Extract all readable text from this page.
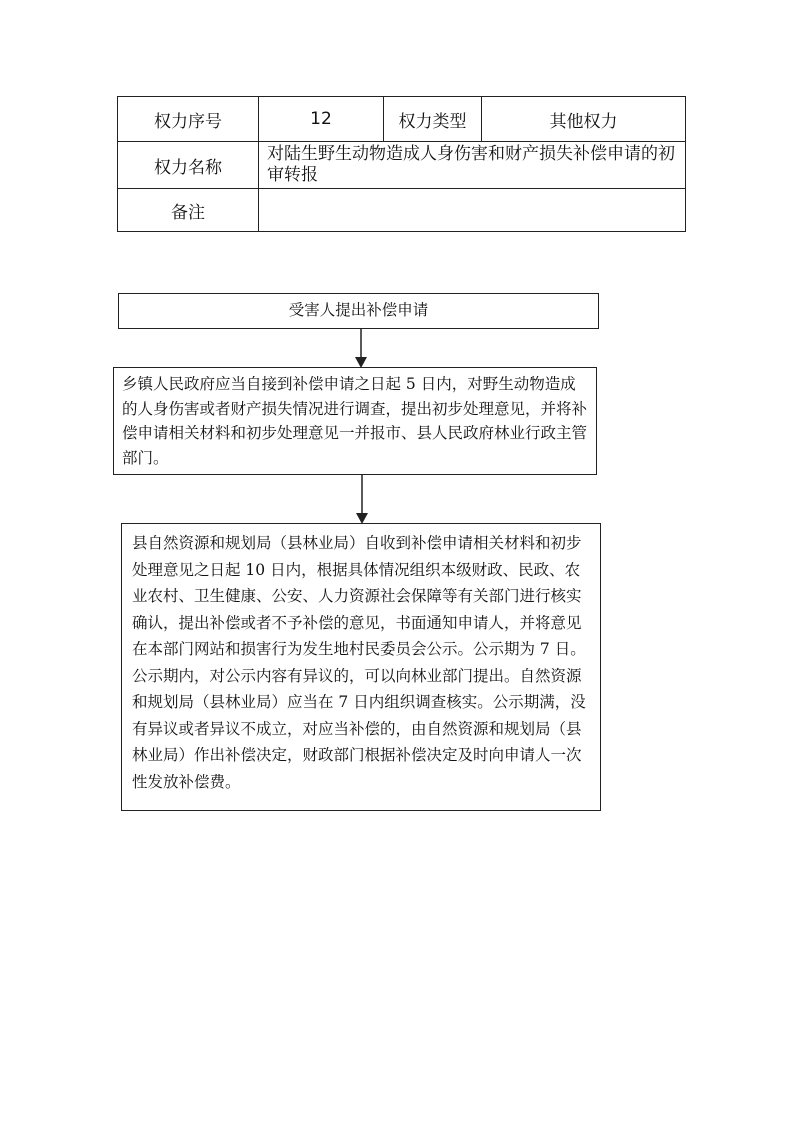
权力序号	12	权力类型	其他权力
权力名称	对陆生野生动物造成人身伤害和财产损失补偿申请的初审转报		
备注			
受害人提出补偿申请
乡镇人民政府应当自接到补偿申请之日起 5 日内，对野生动物造成的人身伤害或者财产损失情况进行调查，提出初步处理意见，并将补偿申请相关材料和初步处理意见一并报市、县人民政府林业行政主管部门。
县自然资源和规划局（县林业局）自收到补偿申请相关材料和初步处理意见之日起 10 日内，根据具体情况组织本级财政、民政、农业农村、卫生健康、公安、人力资源社会保障等有关部门进行核实确认，提出补偿或者不予补偿的意见，书面通知申请人，并将意见在本部门网站和损害行为发生地村民委员会公示。公示期为 7 日。公示期内，对公示内容有异议的，可以向林业部门提出。自然资源和规划局（县林业局）应当在 7 日内组织调查核实。公示期满，没有异议或者异议不成立，对应当补偿的，由自然资源和规划局（县林业局）作出补偿决定，财政部门根据补偿决定及时向申请人一次性发放补偿费。
